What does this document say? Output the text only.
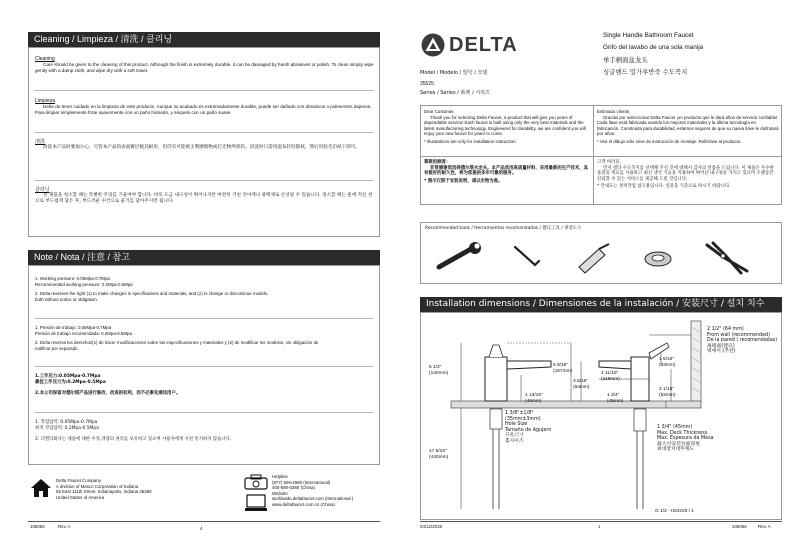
Cleaning / Limpieza / 清洗 / 클리닝
Cleaning

Care should be given to the cleaning of this product. Although the finish is extremely durable, it can be damaged by harsh abrasives or polish. To clean simply wipe gently with a damp cloth, and wipe dry with a soft towel.

Limpieza

Debe de tener cuidado en la limpieza de este producto. Aunque su acabado es extremadamente durable, puede ser dañado con abrasivos o pulimentos ásperos. Para limpiar simplemente frote suavemente con un paño húmedo, y séquelo con un paño suave.

清洗

清洗本产品时要加小心。尽管本产品的表面镀层极其耐用，但仍有可能被尖利摩擦物或打光物所损伤。清洗时只需用湿布轻轻擦拭，然后用软毛巾拭干即可。

클리닝

본 제품을 청소할 때는 특별한 주의를 기울여야 합니다. 비록 도금 내구성이 뛰어나지만 여전히 거친 연마재나 광택제로 손상될 수 있습니다. 청소할 때는 물에 적신 천으로 부드럽게 닦은 후, 부드러운 수건으로 물기를 닦아주시면 됩니다.

Note / Nota / 注意 / 참고
1. Working pressure: 0.05Mpa-0.7Mpa
Recommended working pressure: 0.2Mpa-0.5Mpa
2. Delta reserves the right (1) to make changes in specifications and materials, and (2) to change or discontinue models,
both without notice or obligation.
1. Presión de trabajo: 0.05Mpa-0.7Mpa
Presión de trabajo recomendada: 0.2Mpa-0.5Mpa
2. Delta reserva los derechos(1) de hacer modificaciones sobre las especificaciones y materiales y (2) de modificar los modelos, sin obligación de
notificar por separado.
1.工作压力:0.05Mpa-0.7Mpa
最佳工作压力为:0.2Mpa-0.5Mpa
2.本公司保留对德尔塔产品进行修改、改进的权利，而不必事先通知用户。
1. 작업압력: 0.05Mpa-0.7Mpa
최적 작업압력: 0.2Mpa-0.5Mpa
2. 더엘타회사는 제품에 대한 수정,개량의 권리를 보유하고 있으며 사용자에게 사전 통지하지 않습니다.
Delta Faucet Company
A division of Masco Corporation of Indiana
55 East 111th Street, Indianapolis, Indiana 46280
United States of America
Helpline
(877) 509-2680 (International)
400-880-0360 (China)
Website
worldwide.deltafaucet.com (International )
www.deltafaucet.com.cn (China)
105066	Rev. A	4
DELTA	Single Handle Bathroom Faucet
Grifo del lavabo de una sola manija
单手柄面盆龙头
싱글핸드 밀가루반죽 수도꼭지
Model / Modelo / 型号 / 모델
35525
Series / Series / 系列 / 시리즈
Dear Customer,
Thank you for selecting Delta Faucet, a product that will give you years of dependable service! Each faucet is built using only the very best materials and the latest manufacturing technology. Engineered for durability, we are confident you will enjoy your new faucet for years to come.
* Illustrations are only for installation instruction.
Estimado cliente,
Gracias por seleccionar Delta Faucet ¡un producto que le dará años de servicio confiable! Cada llave está fabricada usando los mejores materiales y la última tecnología en fabricación. Construida para durabilidad, estamos seguros de que su nueva llave le disfrutará por años.
* Vea el dibujo sólo sirve de instrucción de montaje. Refiérase al producto.
尊敬的顾客：
非常感谢您选择德尔塔水龙头。本产品选用高质量材料，采用最新的生产技术，具有极好的耐久性，将为您提供多年可靠的服务。
* 图示仅限于安装说明，请以实物为准。
고객 여러분,
먼저 델타 수도꼭지를 선택해 주신 것에 대해서 감사의 말씀을 드립니다. 이 제품은 우수한 품질의 재료를 사용하고 최신 생산 기술을 적용하여 뛰어난 내구성을 가지고 있으며 오랫동안 신뢰할 수 있는 서비스를 제공해 드릴 것입니다.
* 안내도는 설치작업 참고용입니다. 실물을 기준으로 하시기 바랍니다.
Recommended tools / Herramientas recomendadas / 建议工具 / 권장도구
Installation dimensions / Dimensiones de la instalación / 安装尺寸 / 설치 치수
5 1/2"
(140mm)
6 9/16"
(167mm)	4 11/16"
(119mm)
3.5/16"
(84mm)
1 13/16"
(46mm)
1 3/4"
(45mm)
1 3/8"±1/8"
(35mm±3mm)
Hole Size
Tamaño de Agujero
开孔尺寸
홀사이즈
17 5/16"
(440mm)
2 1/2" (64 mm)
From wall (recommended)
De la pared ( recomendadas)
离墙面(建议)
벽에서 (추천)
1 5/16"
(33mm)
2 1/16"
(52mm)
1 3/4" (45mm)
Max. Deck Thickness
Max. Espesura da Mesa
最大可安装台面厚度
최대장치대두께도
G 1/2 - ISO228 / 1
04/12/2019	1	105066	Rev. A
